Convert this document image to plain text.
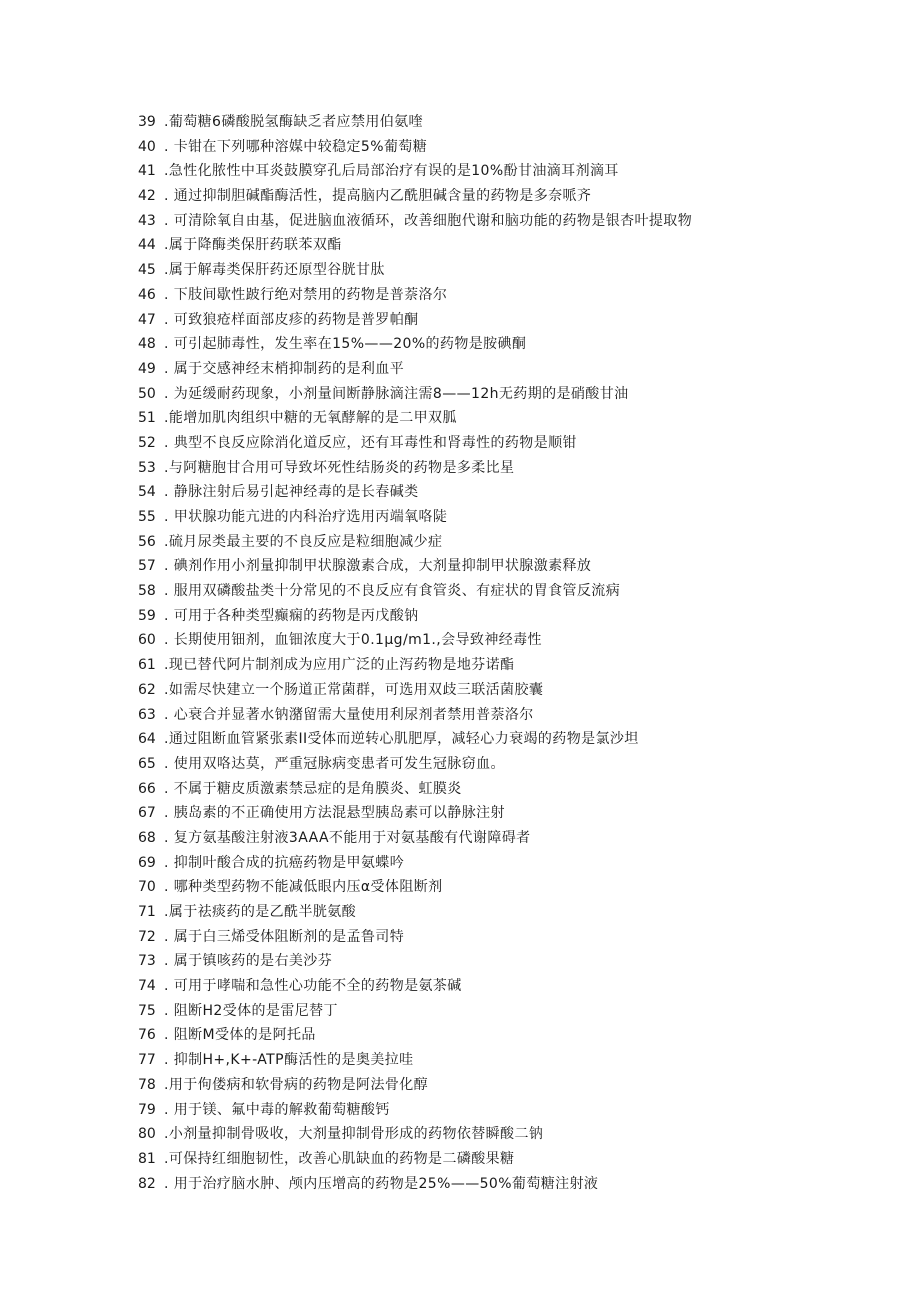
39 .葡萄糖6磷酸脱氢酶缺乏者应禁用伯氨喹
40 . 卡钳在下列哪种溶媒中较稳定5%葡萄糖
41 .急性化脓性中耳炎鼓膜穿孔后局部治疗有误的是10%酚甘油滴耳剂滴耳
42 . 通过抑制胆碱酯酶活性，提高脑内乙酰胆碱含量的药物是多奈哌齐
43 . 可清除氧自由基，促进脑血液循环，改善细胞代谢和脑功能的药物是银杏叶提取物
44 .属于降酶类保肝药联苯双酯
45 .属于解毒类保肝药还原型谷胱甘肽
46 . 下肢间歇性跛行绝对禁用的药物是普萘洛尔
47 . 可致狼疮样面部皮疹的药物是普罗帕酮
48 . 可引起肺毒性，发生率在15%——20%的药物是胺碘酮
49 . 属于交感神经末梢抑制药的是利血平
50 . 为延缓耐药现象，小剂量间断静脉滴注需8——12h无药期的是硝酸甘油
51 .能增加肌肉组织中糖的无氧酵解的是二甲双胍
52 . 典型不良反应除消化道反应，还有耳毒性和肾毒性的药物是顺钳
53 .与阿糖胞甘合用可导致坏死性结肠炎的药物是多柔比星
54 . 静脉注射后易引起神经毒的是长春碱类
55 . 甲状腺功能亢进的内科治疗选用丙端氧咯陡
56 .硫月尿类最主要的不良反应是粒细胞减少症
57 . 碘剂作用小剂量抑制甲状腺激素合成，大剂量抑制甲状腺激素释放
58 . 服用双磷酸盐类十分常见的不良反应有食管炎、有症状的胃食管反流病
59 . 可用于各种类型癫痫的药物是丙戊酸钠
60 . 长期使用钿剂，血钿浓度大于0.1μg∕m1.,会导致神经毒性
61 .现已替代阿片制剂成为应用广泛的止泻药物是地芬诺酯
62 .如需尽快建立一个肠道正常菌群，可选用双歧三联活菌胶囊
63 . 心衰合并显著水钠潴留需大量使用利尿剂者禁用普萘洛尔
64 .通过阻断血管紧张素II受体而逆转心肌肥厚，减轻心力衰竭的药物是氯沙坦
65 . 使用双咯达莫，严重冠脉病变患者可发生冠脉窃血。
66 . 不属于糖皮质激素禁忌症的是角膜炎、虹膜炎
67 . 胰岛素的不正确使用方法混悬型胰岛素可以静脉注射
68 . 复方氨基酸注射液3AAA不能用于对氨基酸有代谢障碍者
69 . 抑制叶酸合成的抗癌药物是甲氨蝶吟
70 . 哪种类型药物不能减低眼内压α受体阻断剂
71 .属于祛痰药的是乙酰半胱氨酸
72 . 属于白三烯受体阻断剂的是孟鲁司特
73 . 属于镇咳药的是右美沙芬
74 . 可用于哮喘和急性心功能不全的药物是氨茶碱
75 . 阻断H2受体的是雷尼替丁
76 . 阻断M受体的是阿托品
77 . 抑制H+,K+-ATP酶活性的是奥美拉哇
78 .用于佝偻病和软骨病的药物是阿法骨化醇
79 . 用于镁、氟中毒的解救葡萄糖酸钙
80 .小剂量抑制骨吸收，大剂量抑制骨形成的药物依替瞬酸二钠
81 .可保持红细胞韧性，改善心肌缺血的药物是二磷酸果糖
82 . 用于治疗脑水肿、颅内压增高的药物是25%——50%葡萄糖注射液
